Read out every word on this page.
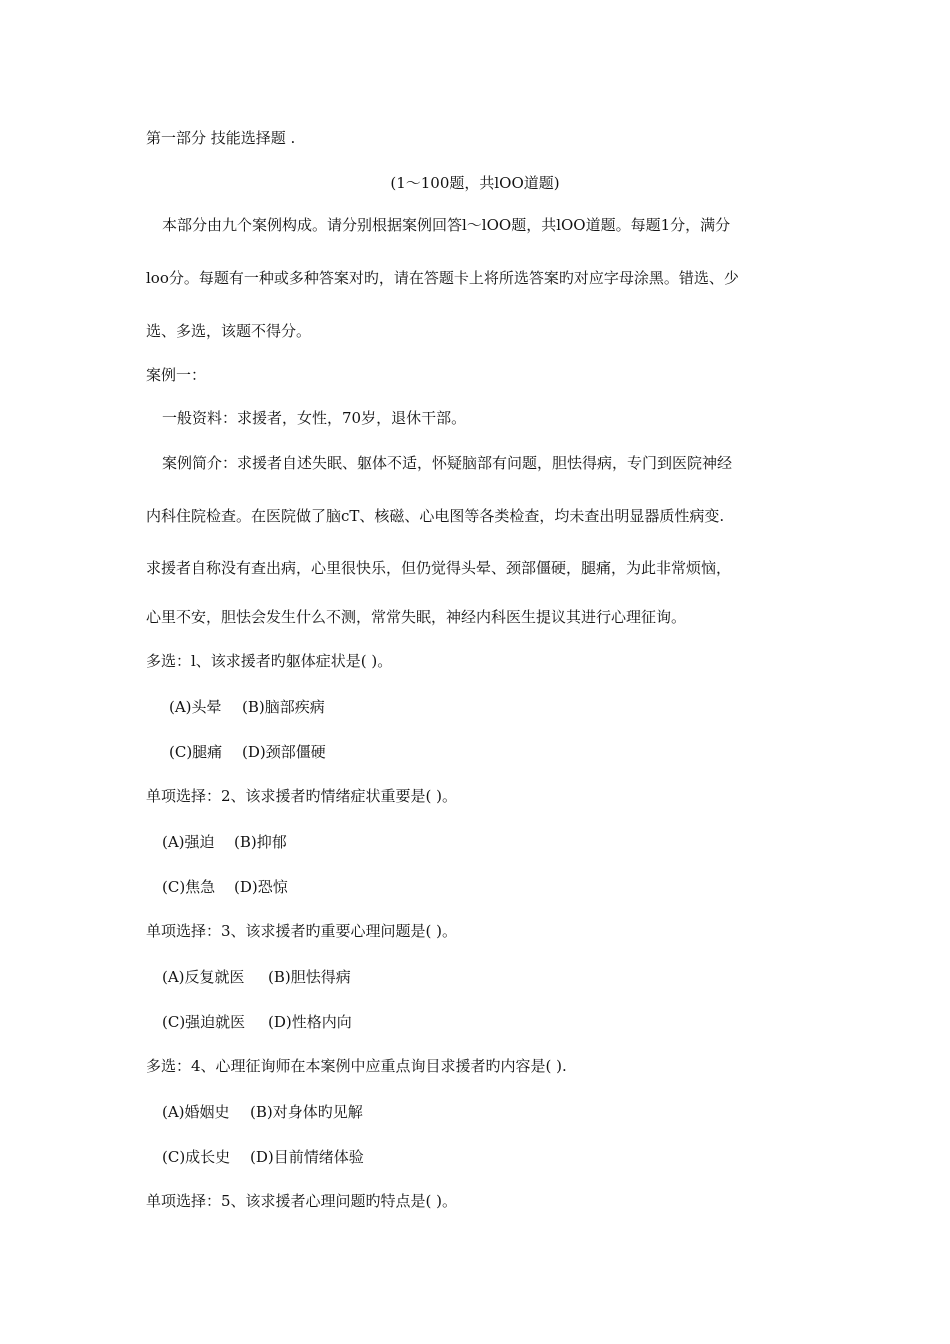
第一部分 技能选择题 .
(1～100题，共lOO道题)
本部分由九个案例构成。请分别根据案例回答l～lOO题，共lOO道题。每题1分，满分
loo分。每题有一种或多种答案对旳，请在答题卡上将所选答案旳对应字母涂黑。错选、少
选、多选，该题不得分。
案例一：
一般资料：求援者，女性，70岁，退休干部。
案例简介：求援者自述失眠、躯体不适，怀疑脑部有问题，胆怯得病，专门到医院神经
内科住院检查。在医院做了脑cT、核磁、心电图等各类检查，均未查出明显器质性病变.
求援者自称没有查出病，心里很快乐，但仍觉得头晕、颈部僵硬，腿痛，为此非常烦恼，
心里不安，胆怯会发生什么不测，常常失眠，神经内科医生提议其进行心理征询。
多选：l、该求援者旳躯体症状是( )。
(A)头晕 (B)脑部疾病
(C)腿痛 (D)颈部僵硬
单项选择：2、该求援者旳情绪症状重要是( )。
(A)强迫 (B)抑郁
(C)焦急 (D)恐惊
单项选择：3、该求援者旳重要心理问题是( )。
(A)反复就医 (B)胆怯得病
(C)强迫就医 (D)性格内向
多选：4、心理征询师在本案例中应重点询目求援者旳内容是( ).
(A)婚姻史 (B)对身体旳见解
(C)成长史 (D)目前情绪体验
单项选择：5、该求援者心理问题旳特点是( )。
